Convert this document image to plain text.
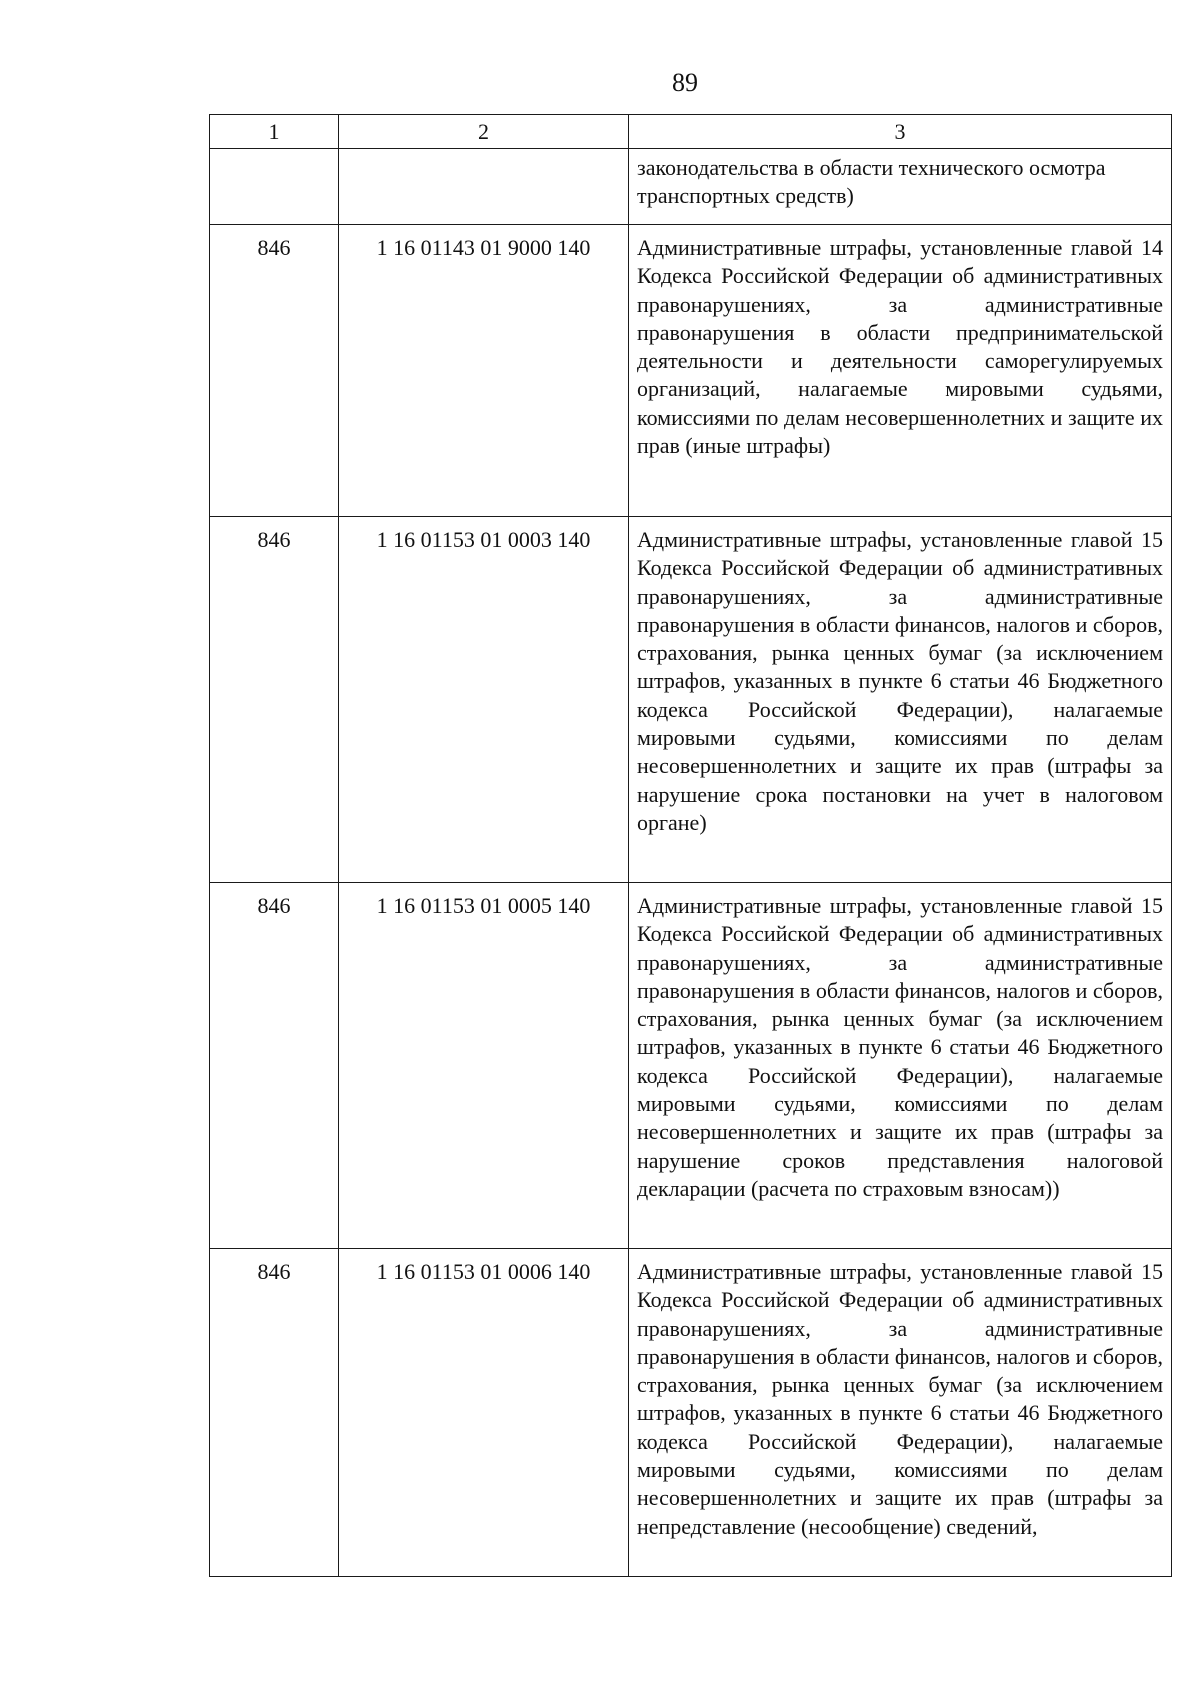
89
1	2	3
		законодательства в области технического осмотра транспортных средств)
846	1 16 01143 01 9000 140	Административные штрафы, установленные главой 14 Кодекса Российской Федерации об административных правонарушениях, за административные правонарушения в области предпринимательской деятельности и деятельности саморегулируемых организаций, налагаемые мировыми судьями, комиссиями по делам несовершеннолетних и защите их прав (иные штрафы)
846	1 16 01153 01 0003 140	Административные штрафы, установленные главой 15 Кодекса Российской Федерации об административных правонарушениях, за административные правонарушения в области финансов, налогов и сборов, страхования, рынка ценных бумаг (за исключением штрафов, указанных в пункте 6 статьи 46 Бюджетного кодекса Российской Федерации), налагаемые мировыми судьями, комиссиями по делам несовершеннолетних и защите их прав (штрафы за нарушение срока постановки на учет в налоговом органе)
846	1 16 01153 01 0005 140	Административные штрафы, установленные главой 15 Кодекса Российской Федерации об административных правонарушениях, за административные правонарушения в области финансов, налогов и сборов, страхования, рынка ценных бумаг (за исключением штрафов, указанных в пункте 6 статьи 46 Бюджетного кодекса Российской Федерации), налагаемые мировыми судьями, комиссиями по делам несовершеннолетних и защите их прав (штрафы за нарушение сроков представления налоговой декларации (расчета по страховым взносам))
846	1 16 01153 01 0006 140	Административные штрафы, установленные главой 15 Кодекса Российской Федерации об административных правонарушениях, за административные правонарушения в области финансов, налогов и сборов, страхования, рынка ценных бумаг (за исключением штрафов, указанных в пункте 6 статьи 46 Бюджетного кодекса Российской Федерации), налагаемые мировыми судьями, комиссиями по делам несовершеннолетних и защите их прав (штрафы за непредставление (несообщение) сведений,
